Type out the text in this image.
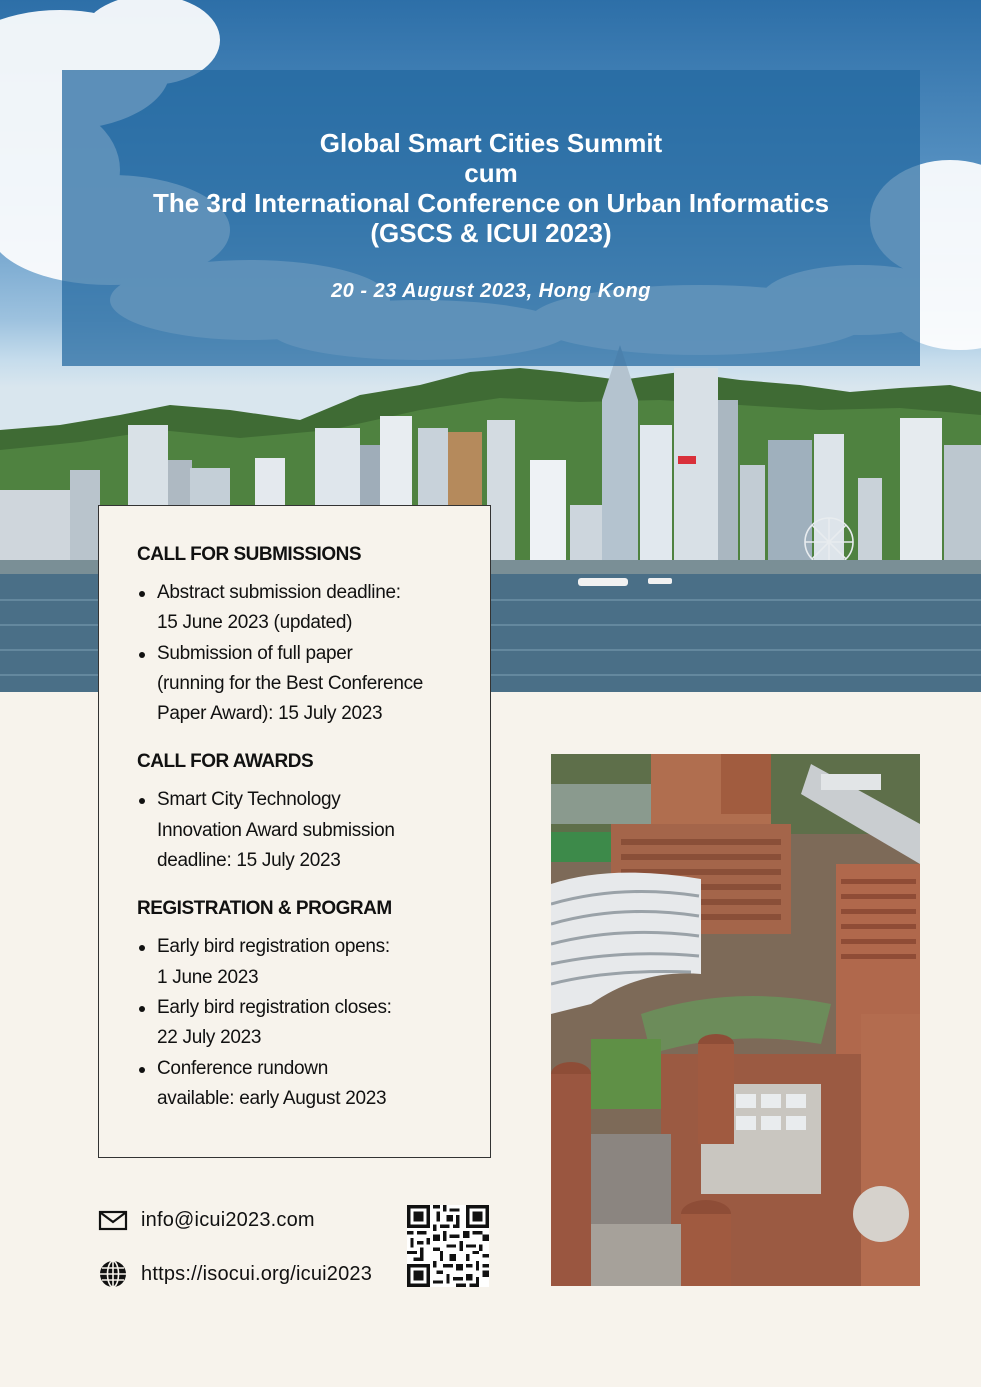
Global Smart Cities Summit
cum
The 3rd International Conference on Urban Informatics
(GSCS & ICUI 2023)
20 - 23 August 2023, Hong Kong
CALL FOR SUBMISSIONS
Abstract submission deadline:
15 June 2023 (updated)
Submission of full paper
(running for the Best Conference
Paper Award): 15 July 2023
CALL FOR AWARDS
Smart City Technology
Innovation Award submission
deadline: 15 July 2023
REGISTRATION & PROGRAM
Early bird registration opens:
1 June 2023
Early bird registration closes:
22 July 2023
Conference rundown
available: early August 2023
info@icui2023.com
https://isocui.org/icui2023
